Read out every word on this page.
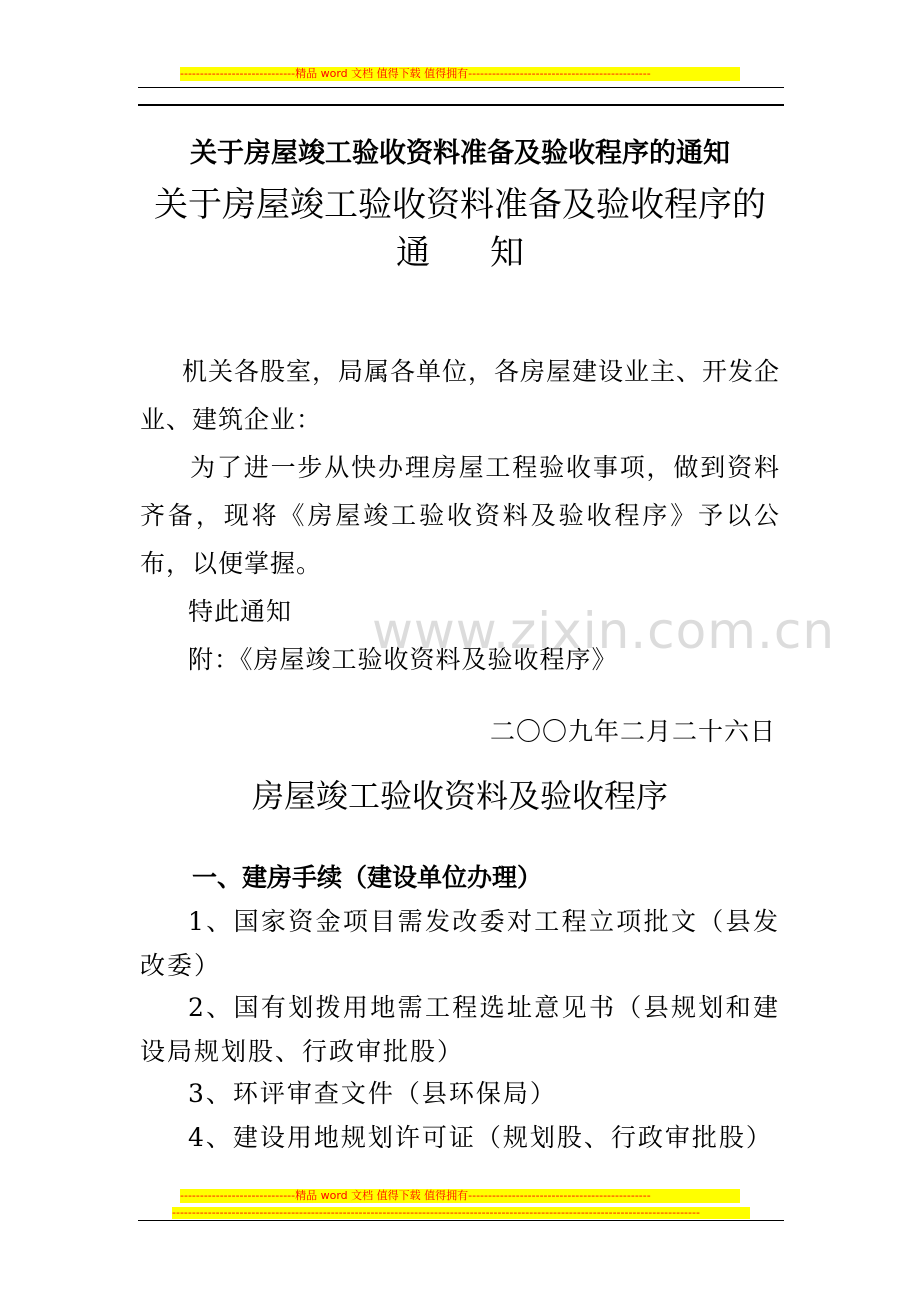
-----------------------------精品 word 文档 值得下载 值得拥有----------------------------------------------
关于房屋竣工验收资料准备及验收程序的通知
关于房屋竣工验收资料准备及验收程序的
通知
机关各股室，局属各单位，各房屋建设业主、开发企业、建筑企业：
为了进一步从快办理房屋工程验收事项，做到资料齐备，现将《房屋竣工验收资料及验收程序》予以公布，以便掌握。
特此通知
附：《房屋竣工验收资料及验收程序》
二〇〇九年二月二十六日
www.zixin.com.cn
房屋竣工验收资料及验收程序
一、建房手续（建设单位办理）
1、国家资金项目需发改委对工程立项批文（县发改委）
2、国有划拨用地需工程选址意见书（县规划和建设局规划股、行政审批股）
3、环评审查文件（县环保局）
4、建设用地规划许可证（规划股、行政审批股）
-----------------------------精品 word 文档 值得下载 值得拥有----------------------------------------------
-------------------------------------------------------------------------------------------------------------------------------------
